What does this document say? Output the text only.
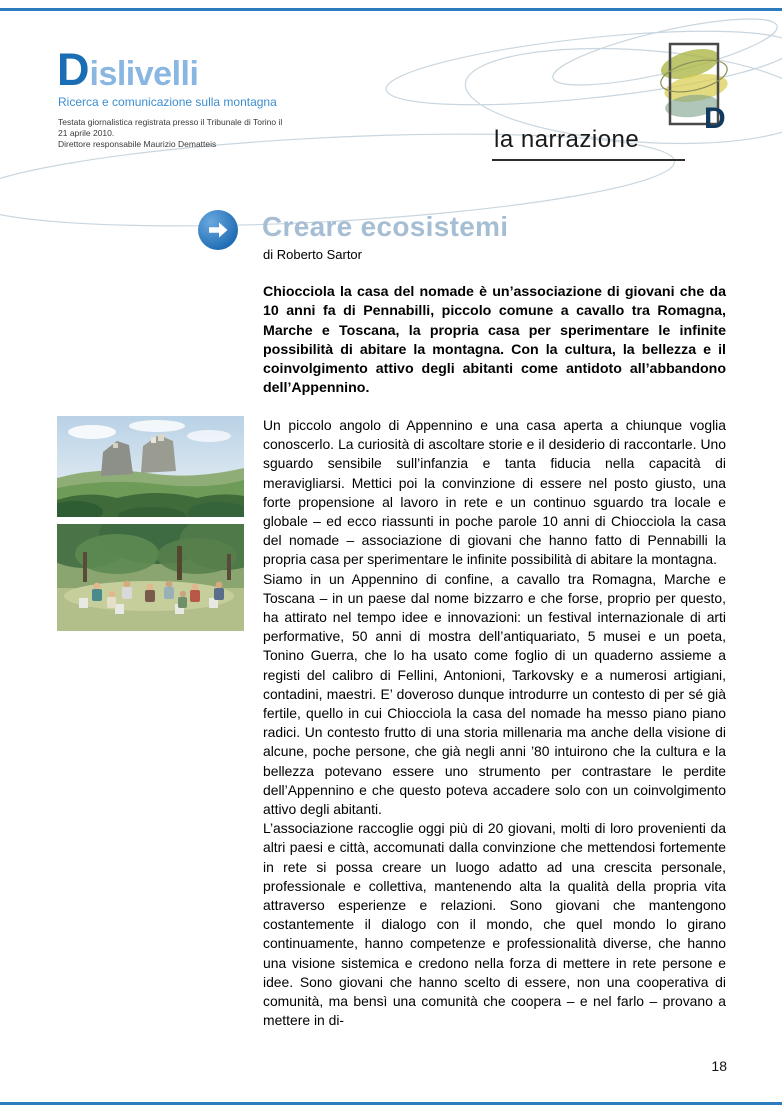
Dislivelli
Ricerca e comunicazione sulla montagna
Testata giornalistica registrata presso il Tribunale di Torino il 21 aprile 2010.
Direttore responsabile Maurizio Dematteis
D
la narrazione
Creare ecosistemi
di Roberto Sartor

Chiocciola la casa del nomade è un’associazione di giovani che da 10 anni fa di Pennabilli, piccolo comune a cavallo tra Romagna, Marche e Toscana, la propria casa per sperimentare le infinite possibilità di abitare la montagna. Con la cultura, la bellezza e il coinvolgimento attivo degli abitanti come antidoto all’abbandono dell’Appennino.

Un piccolo angolo di Appennino e una casa aperta a chiunque voglia conoscerlo. La curiosità di ascoltare storie e il desiderio di raccontarle. Uno sguardo sensibile sull’infanzia e tanta fiducia nella capacità di meravigliarsi. Mettici poi la convinzione di essere nel posto giusto, una forte propensione al lavoro in rete e un continuo sguardo tra locale e globale – ed ecco riassunti in poche parole 10 anni di Chiocciola la casa del nomade – associazione di giovani che hanno fatto di Pennabilli la propria casa per sperimentare le infinite possibilità di abitare la montagna.

Siamo in un Appennino di confine, a cavallo tra Romagna, Marche e Toscana – in un paese dal nome bizzarro e che forse, proprio per questo, ha attirato nel tempo idee e innovazioni: un festival internazionale di arti performative, 50 anni di mostra dell’antiquariato, 5 musei e un poeta, Tonino Guerra, che lo ha usato come foglio di un quaderno assieme a registi del calibro di Fellini, Antonioni, Tarkovsky e a numerosi artigiani, contadini, maestri. E’ doveroso dunque introdurre un contesto di per sé già fertile, quello in cui Chiocciola la casa del nomade ha messo piano piano radici. Un contesto frutto di una storia millenaria ma anche della visione di alcune, poche persone, che già negli anni ’80 intuirono che la cultura e la bellezza potevano essere uno strumento per contrastare le perdite dell’Appennino e che questo poteva accadere solo con un coinvolgimento attivo degli abitanti.

L’associazione raccoglie oggi più di 20 giovani, molti di loro provenienti da altri paesi e città, accomunati dalla convinzione che mettendosi fortemente in rete si possa creare un luogo adatto ad una crescita personale, professionale e collettiva, mantenendo alta la qualità della propria vita attraverso esperienze e relazioni. Sono giovani che mantengono costantemente il dialogo con il mondo, che quel mondo lo girano continuamente, hanno competenze e professionalità diverse, che hanno una visione sistemica e credono nella forza di mettere in rete persone e idee. Sono giovani che hanno scelto di essere, non una cooperativa di comunità, ma bensì una comunità che coopera – e nel farlo – provano a mettere in di-

18
